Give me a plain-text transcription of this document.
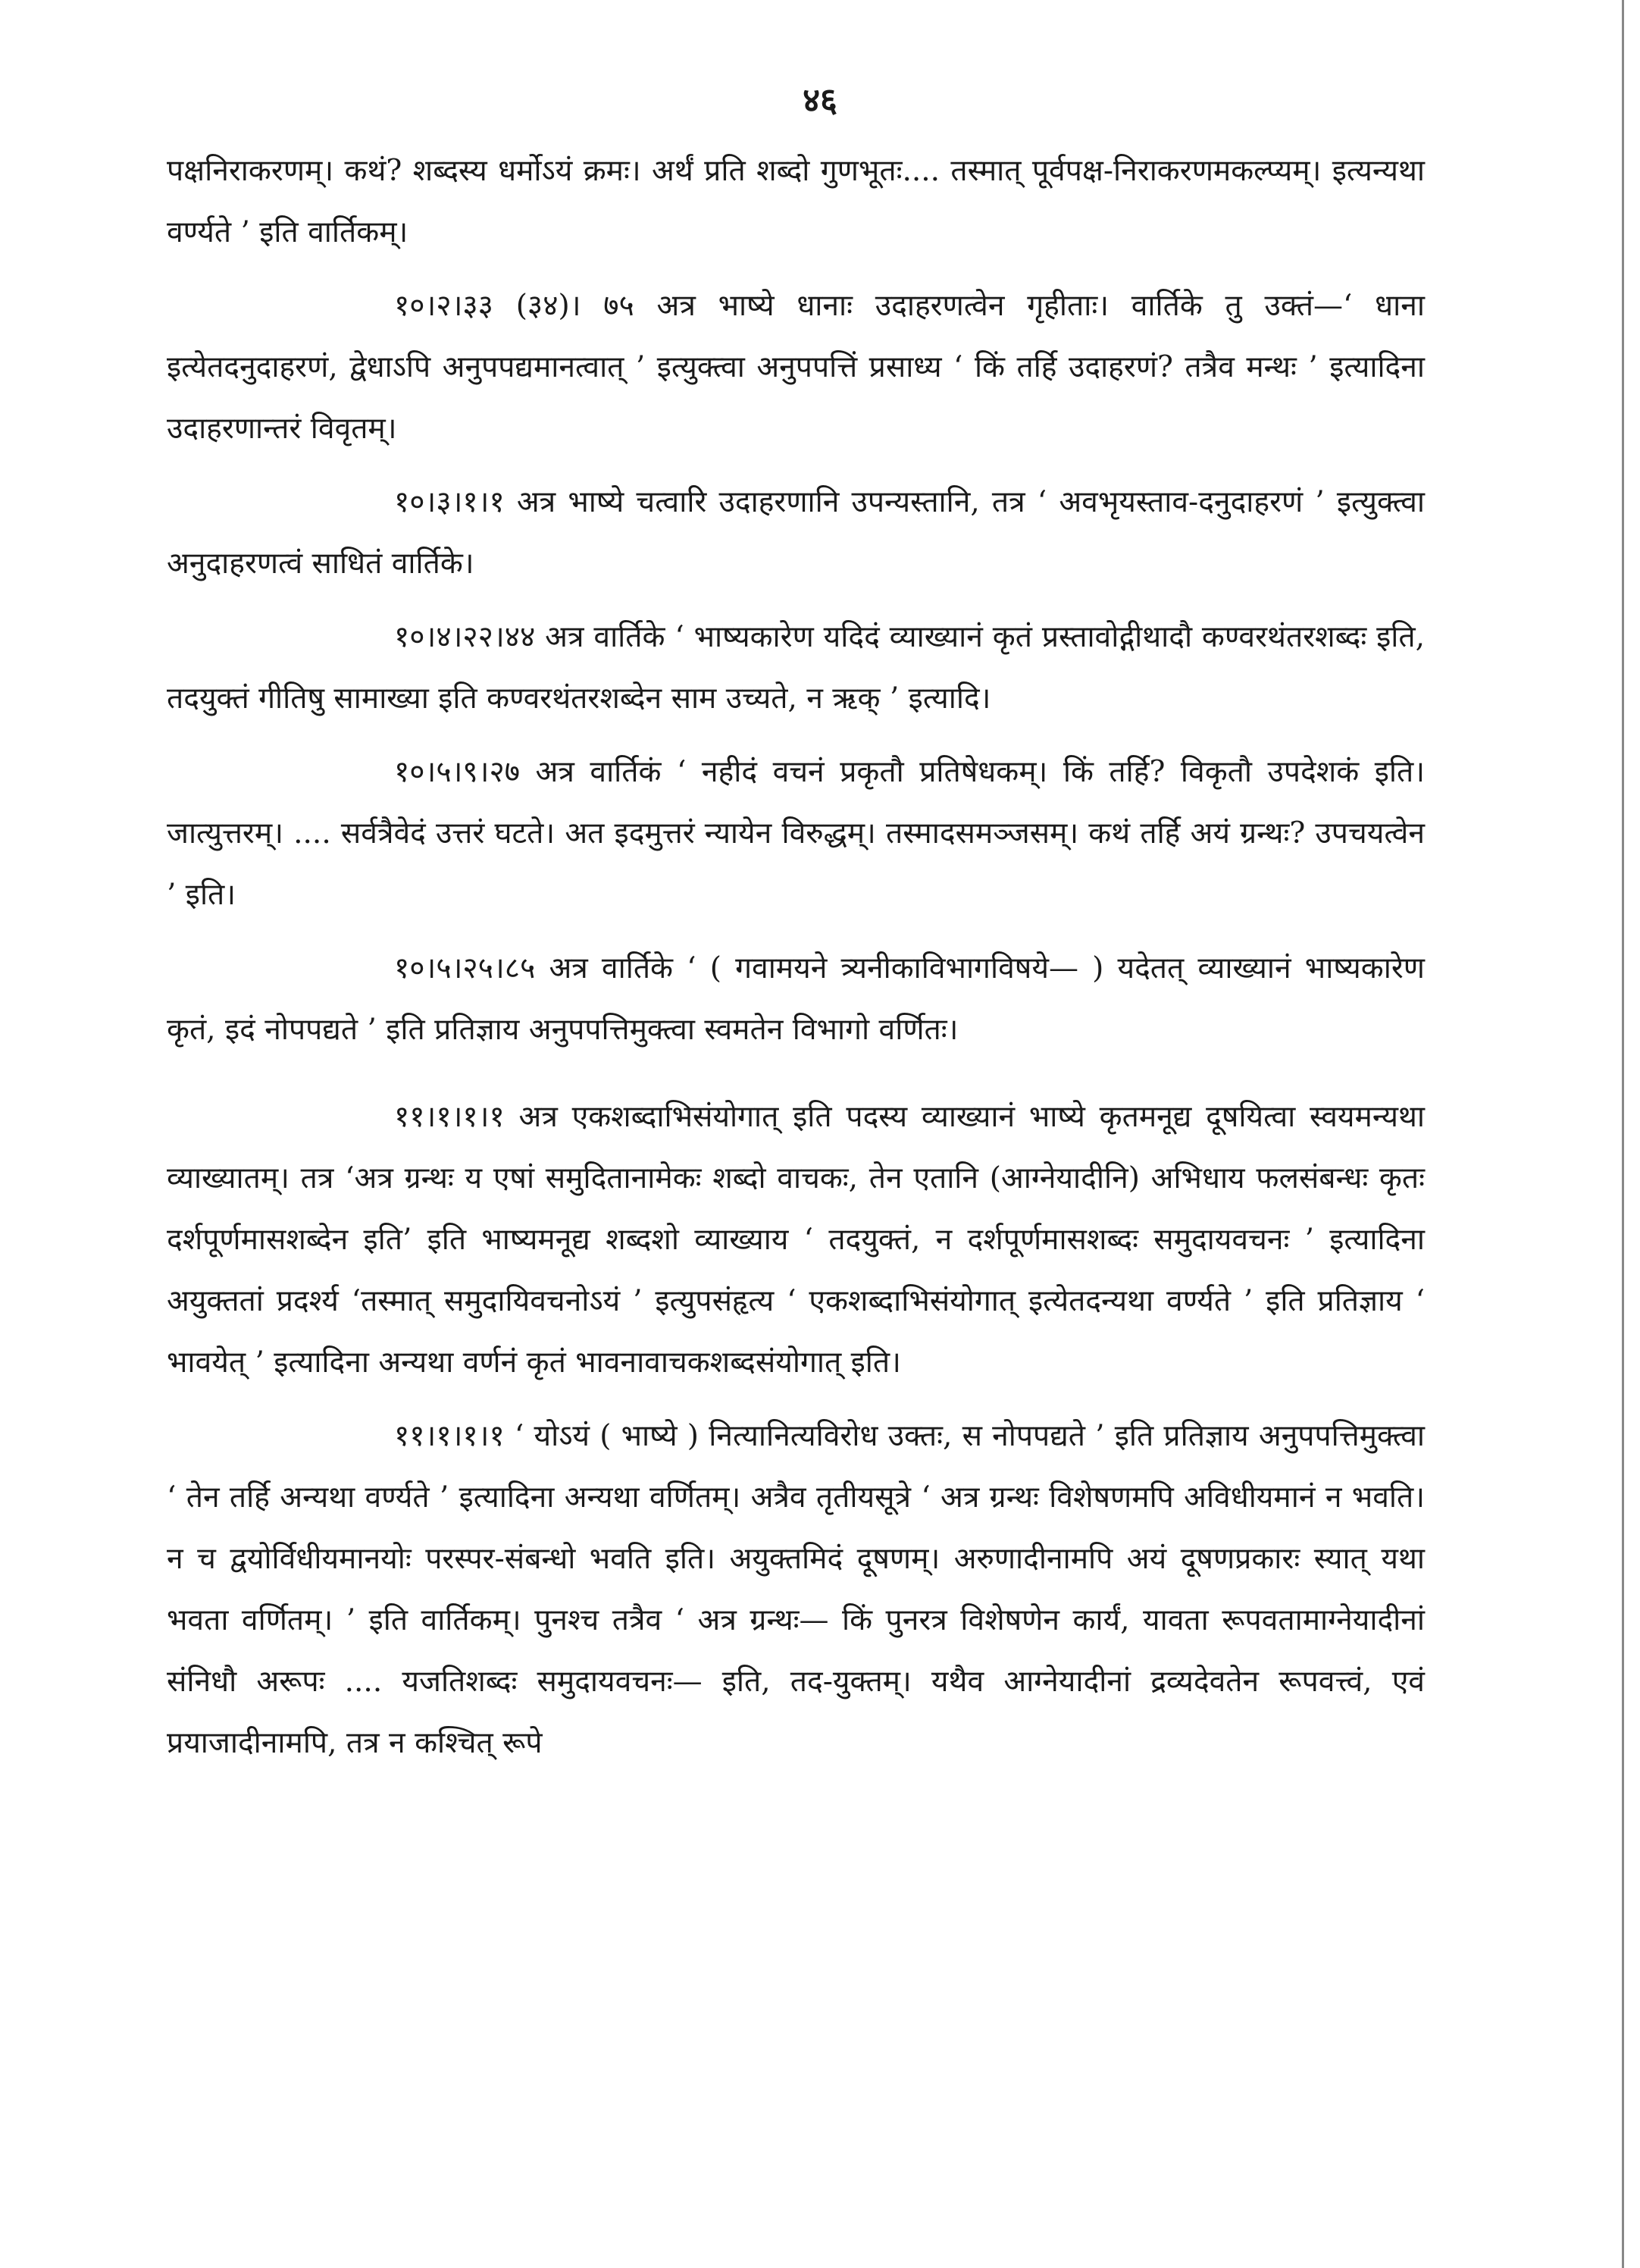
४६

पक्षनिराकरणम्। कथं? शब्दस्य धर्मोऽयं क्रमः। अर्थं प्रति शब्दो गुणभूतः.... तस्मात् पूर्वपक्ष-निराकरणमकल्प्यम्। इत्यन्यथा वर्ण्यते ’ इति वार्तिकम्।

१०।२।३३ (३४)। ७५ अत्र भाष्ये धानाः उदाहरणत्वेन गृहीताः। वार्तिके तु उक्तं—‘ धाना इत्येतदनुदाहरणं, द्वेधाऽपि अनुपपद्यमानत्वात् ’ इत्युक्त्वा अनुपपत्तिं प्रसाध्य ‘ किं तर्हि उदाहरणं? तत्रैव मन्थः ’ इत्यादिना उदाहरणान्तरं विवृतम्।

१०।३।१।१ अत्र भाष्ये चत्वारि उदाहरणानि उपन्यस्तानि, तत्र ‘ अवभृयस्ताव-दनुदाहरणं ’ इत्युक्त्वा अनुदाहरणत्वं साधितं वार्तिके।

१०।४।२२।४४ अत्र वार्तिके ‘ भाष्यकारेण यदिदं व्याख्यानं कृतं प्रस्तावोद्गीथादौ कण्वरथंतरशब्दः इति, तदयुक्तं गीतिषु सामाख्या इति कण्वरथंतरशब्देन साम उच्यते, न ऋक् ’ इत्यादि।

१०।५।९।२७ अत्र वार्तिकं ‘ नहीदं वचनं प्रकृतौ प्रतिषेधकम्। किं तर्हि? विकृतौ उपदेशकं इति। जात्युत्तरम्। .... सर्वत्रैवेदं उत्तरं घटते। अत इदमुत्तरं न्यायेन विरुद्धम्। तस्मादसमञ्जसम्। कथं तर्हि अयं ग्रन्थः? उपचयत्वेन ’ इति।

१०।५।२५।८५ अत्र वार्तिके ‘ ( गवामयने त्र्यनीकाविभागविषये— ) यदेतत् व्याख्यानं भाष्यकारेण कृतं, इदं नोपपद्यते ’ इति प्रतिज्ञाय अनुपपत्तिमुक्त्वा स्वमतेन विभागो वर्णितः।

११।१।१।१ अत्र एकशब्दाभिसंयोगात् इति पदस्य व्याख्यानं भाष्ये कृतमनूद्य दूषयित्वा स्वयमन्यथा व्याख्यातम्। तत्र ‘अत्र ग्रन्थः य एषां समुदितानामेकः शब्दो वाचकः, तेन एतानि (आग्नेयादीनि) अभिधाय फलसंबन्धः कृतः दर्शपूर्णमासशब्देन इति’ इति भाष्यमनूद्य शब्दशो व्याख्याय ‘ तदयुक्तं, न दर्शपूर्णमासशब्दः समुदायवचनः ’ इत्यादिना अयुक्ततां प्रदर्श्य ‘तस्मात् समुदायिवचनोऽयं ’ इत्युपसंहृत्य ‘ एकशब्दाभिसंयोगात् इत्येतदन्यथा वर्ण्यते ’ इति प्रतिज्ञाय ‘ भावयेत् ’ इत्यादिना अन्यथा वर्णनं कृतं भावनावाचकशब्दसंयोगात् इति।

११।१।१।१ ‘ योऽयं ( भाष्ये ) नित्यानित्यविरोध उक्तः, स नोपपद्यते ’ इति प्रतिज्ञाय अनुपपत्तिमुक्त्वा ‘ तेन तर्हि अन्यथा वर्ण्यते ’ इत्यादिना अन्यथा वर्णितम्। अत्रैव तृतीयसूत्रे ‘ अत्र ग्रन्थः विशेषणमपि अविधीयमानं न भवति। न च द्वयोर्विधीयमानयोः परस्पर-संबन्धो भवति इति। अयुक्तमिदं दूषणम्। अरुणादीनामपि अयं दूषणप्रकारः स्यात् यथा भवता वर्णितम्। ’ इति वार्तिकम्। पुनश्च तत्रैव ‘ अत्र ग्रन्थः— किं पुनरत्र विशेषणेन कार्यं, यावता रूपवतामाग्नेयादीनां संनिधौ अरूपः .... यजतिशब्दः समुदायवचनः— इति, तद-युक्तम्। यथैव आग्नेयादीनां द्रव्यदेवतेन रूपवत्त्वं, एवं प्रयाजादीनामपि, तत्र न कश्चित् रूपे
